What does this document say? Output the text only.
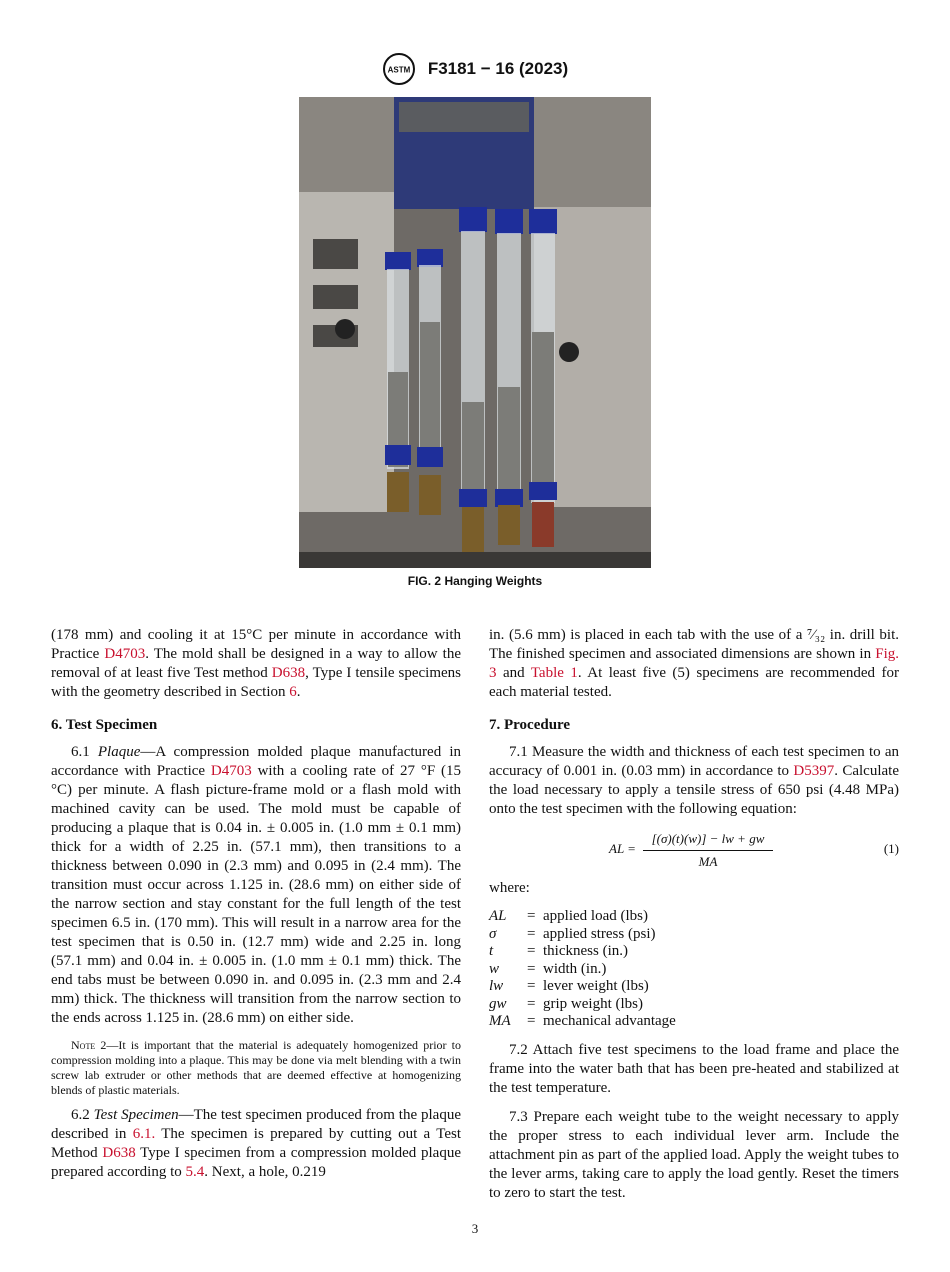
ASTM F3181 − 16 (2023)
FIG. 2 Hanging Weights

(178 mm) and cooling it at 15°C per minute in accordance with Practice D4703. The mold shall be designed in a way to allow the removal of at least five Test method D638, Type I tensile specimens with the geometry described in Section 6.

6. Test Specimen

6.1 Plaque—A compression molded plaque manufactured in accordance with Practice D4703 with a cooling rate of 27 °F (15 °C) per minute. A flash picture-frame mold or a flash mold with machined cavity can be used. The mold must be capable of producing a plaque that is 0.04 in. ± 0.005 in. (1.0 mm ± 0.1 mm) thick for a width of 2.25 in. (57.1 mm), then transitions to a thickness between 0.090 in (2.3 mm) and 0.095 in (2.4 mm). The transition must occur across 1.125 in. (28.6 mm) on either side of the narrow section and stay constant for the full length of the test specimen 6.5 in. (170 mm). This will result in a narrow area for the test specimen that is 0.50 in. (12.7 mm) wide and 2.25 in. long (57.1 mm) and 0.04 in. ± 0.005 in. (1.0 mm ± 0.1 mm) thick. The end tabs must be between 0.090 in. and 0.095 in. (2.3 mm and 2.4 mm) thick. The thickness will transition from the narrow section to the ends across 1.125 in. (28.6 mm) on either side.

Note 2—It is important that the material is adequately homogenized prior to compression molding into a plaque. This may be done via melt blending with a twin screw lab extruder or other methods that are deemed effective at homogenizing blends of plastic materials.

6.2 Test Specimen—The test specimen produced from the plaque described in 6.1. The specimen is prepared by cutting out a Test Method D638 Type I specimen from a compression molded plaque prepared according to 5.4. Next, a hole, 0.219

in. (5.6 mm) is placed in each tab with the use of a ⁷⁄₃₂ in. drill bit. The finished specimen and associated dimensions are shown in Fig. 3 and Table 1. At least five (5) specimens are recommended for each material tested.

7. Procedure

7.1 Measure the width and thickness of each test specimen to an accuracy of 0.001 in. (0.03 mm) in accordance to D5397. Calculate the load necessary to apply a tensile stress of 650 psi (4.48 MPa) onto the test specimen with the following equation:

AL = $\frac{[(\sigma)(t)(w)] - lw + gw}{MA}$	(1)

where:

AL	=	applied load (lbs)
σ	=	applied stress (psi)
t	=	thickness (in.)
w	=	width (in.)
lw	=	lever weight (lbs)
gw	=	grip weight (lbs)
MA	=	mechanical advantage

7.2 Attach five test specimens to the load frame and place the frame into the water bath that has been pre-heated and stabilized at the test temperature.

7.3 Prepare each weight tube to the weight necessary to apply the proper stress to each individual lever arm. Include the attachment pin as part of the applied load. Apply the weight tubes to the lever arms, taking care to apply the load gently. Reset the timers to zero to start the test.

3
